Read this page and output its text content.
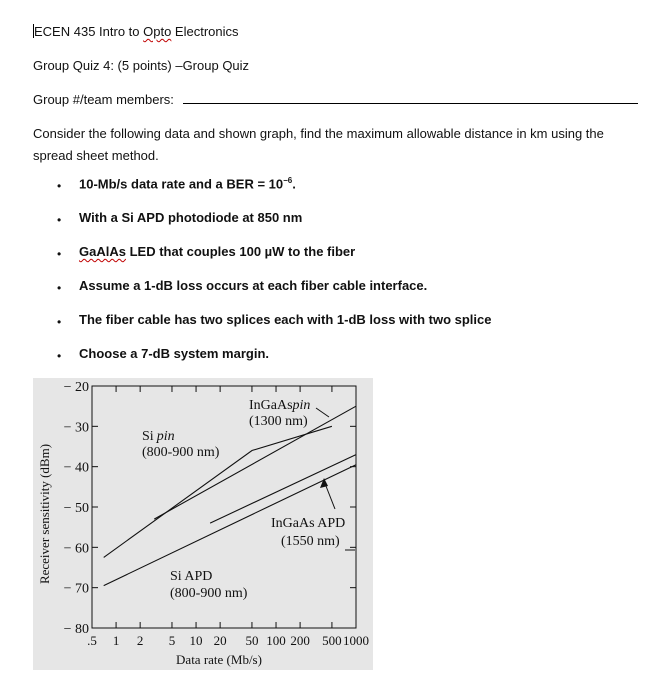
ECEN 435 Intro to Opto Electronics
Group Quiz 4: (5 points) –Group Quiz
Group #/team members:
Consider the following data and shown graph, find the maximum allowable distance in km using the spread sheet method.
• 10-Mb/s data rate and a BER = $10^{-6}$.
• With a Si APD photodiode at 850 nm
• GaAlAs LED that couples 100 µW to the fiber
• Assume a 1-dB loss occurs at each fiber cable interface.
• The fiber cable has two splices each with 1-dB loss with two splice
• Choose a 7-dB system margin.
− 20
− 30
− 40
− 50
− 60
− 70
− 80
.5 1 2 5 10 20 50 100 200 500 1000
Receiver sensitivity (dBm)
Data rate (Mb/s)
InGaAspin
(1300 nm)
Si pin
(800-900 nm)
InGaAs APD
(1550 nm)
Si APD
(800-900 nm)
